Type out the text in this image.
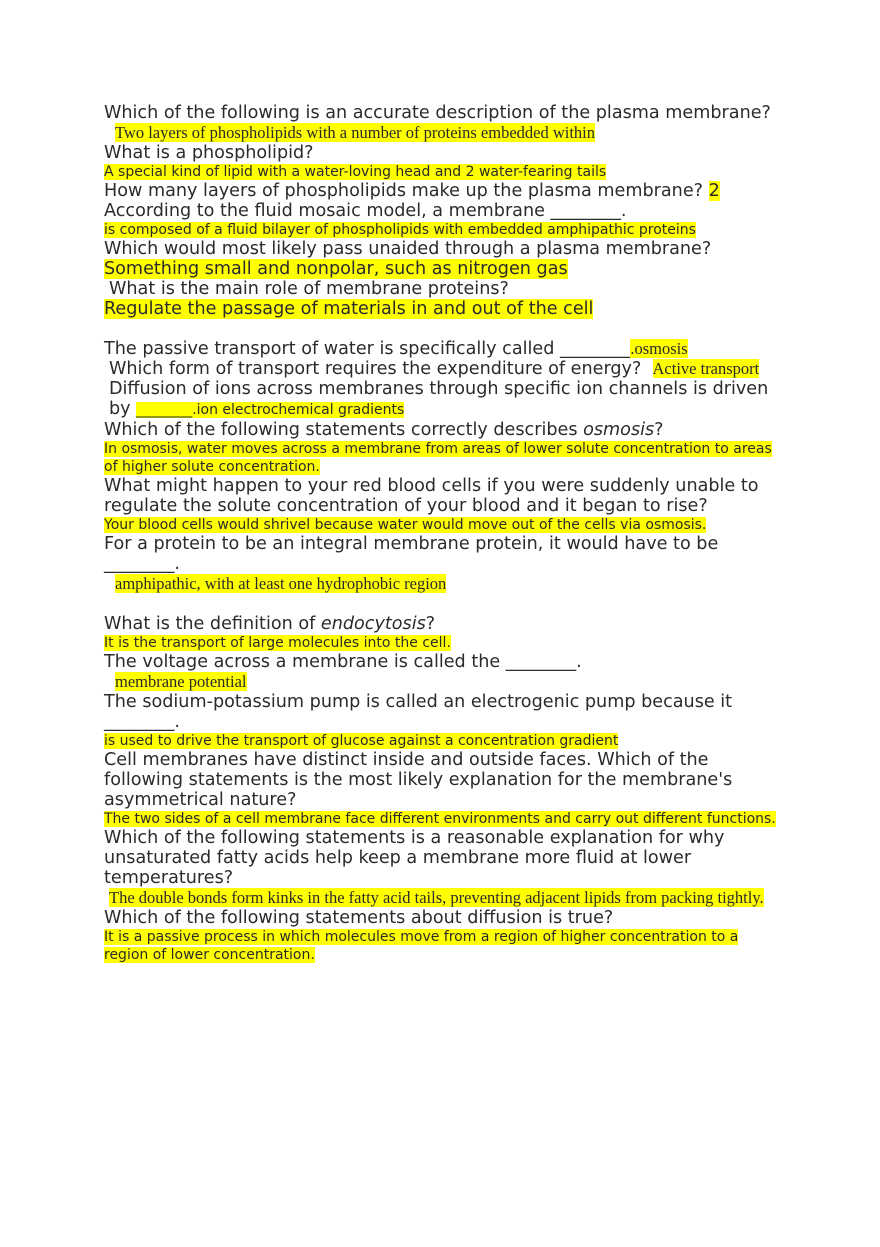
Which of the following is an accurate description of the plasma membrane?

Two layers of phospholipids with a number of proteins embedded within

What is a phospholipid?

A special kind of lipid with a water-loving head and 2 water-fearing tails

How many layers of phospholipids make up the plasma membrane? 2

According to the fluid mosaic model, a membrane ________.

is composed of a fluid bilayer of phospholipids with embedded amphipathic proteins

Which would most likely pass unaided through a plasma membrane?

Something small and nonpolar, such as nitrogen gas

What is the main role of membrane proteins?

Regulate the passage of materials in and out of the cell

The passive transport of water is specifically called ________.osmosis

Which form of transport requires the expenditure of energy? Active transport

Diffusion of ions across membranes through specific ion channels is driven by ________.ion electrochemical gradients

Which of the following statements correctly describes osmosis?

In osmosis, water moves across a membrane from areas of lower solute concentration to areas of higher solute concentration.

What might happen to your red blood cells if you were suddenly unable to regulate the solute concentration of your blood and it began to rise?

Your blood cells would shrivel because water would move out of the cells via osmosis.

For a protein to be an integral membrane protein, it would have to be ________.

amphipathic, with at least one hydrophobic region

What is the definition of endocytosis?

It is the transport of large molecules into the cell.

The voltage across a membrane is called the ________.

membrane potential

The sodium-potassium pump is called an electrogenic pump because it ________.

is used to drive the transport of glucose against a concentration gradient

Cell membranes have distinct inside and outside faces. Which of the following statements is the most likely explanation for the membrane's asymmetrical nature?

The two sides of a cell membrane face different environments and carry out different functions.

Which of the following statements is a reasonable explanation for why unsaturated fatty acids help keep a membrane more fluid at lower temperatures?

The double bonds form kinks in the fatty acid tails, preventing adjacent lipids from packing tightly.

Which of the following statements about diffusion is true?

It is a passive process in which molecules move from a region of higher concentration to a region of lower concentration.
